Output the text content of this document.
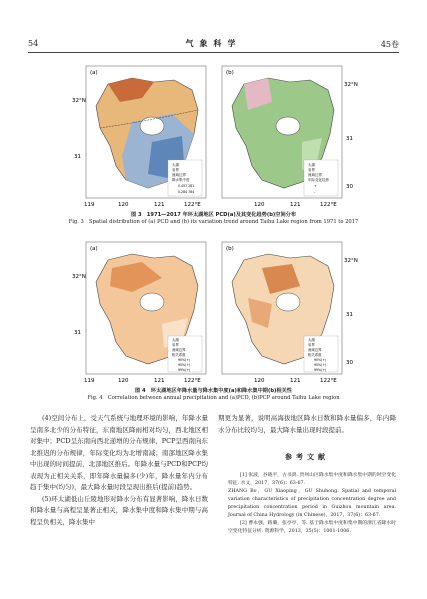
54	气象科学	45卷
(a)
太湖
省界
流域边界
降水集中度
0.457 281
0.284 784
(b)
太湖
省界
流域边界
年际变化趋势
+
-
119	120	121	122°E	120	121	122°E
32°N
31
32°N
31
30
图 3　1971—2017 年环太湖地区 PCD(a)及其变化趋势(b)空间分布
Fig. 3　Spatial distribution of (a) PCD and (b) its variation trend around Taihu Lake region from 1971 to 2017
(a)	(b)
太湖
省界
流域边界
相关系数
90%(+)
95%(+)
99%(+)
太湖
省界
流域边界
相关系数
90%(+)
95%(+)
99%(+)
119	120	121	122°E	120	121	122°E
32°N
31
32°N
31
30
图 4　环太湖地区年降水量与降水集中度(a)和降水集中期(b)相关性
Fig. 4　Correlation between annual precipitation and (a)PCD, (b)PCP around Taihu Lake region

(4)空间分布上，受天气系统与地理环境的影响，年降水量呈南多北少的分布特征，东南地区降雨相对均匀，西北地区相对集中；PCD呈东南向西北递增的分布规律，PCP呈西南向东北推迟的分布规律，年际变化均为北增南减；南部地区降水集中出现的时间提前，北部地区推后。年降水量与PCD和PCP均表现为正相关关系，即年降水量偏多(少)年，降水量年内分布趋于集中(均匀)，最大降水量时段呈现出推后(提前)趋势。

(5)环太湖低山丘陵地形对降水分布有显著影响，降水日数和降水量与高程呈显著正相关，降水集中度和降水集中期与高程呈负相关，降水集中

期更为显著，说明高海拔地区降水日数和降水量偏多，年内降水分布比较均匀，最大降水量出现时段提前。

参考文献

[1] 张波，谷晓平，古书鸿. 贵州山区降水集中度和降水集中期的时空变化特征. 水文，2017，37(6)：63-67.

ZHANG Bo，GU Xiaoping，GU Shuhong. Spatial and temporal variation characteristics of precipitation concentration degree and precipitation concentration period in Guizhou mountain area. Journal of China Hydrology (in Chinese)，2017，37(6)：63-67.

[2] 曹永强，路璐，张亭亭，等. 基于降水集中度和集中期的浙江省降水时空变化特征分析. 资源科学，2013，35(5)：1001-1006.
